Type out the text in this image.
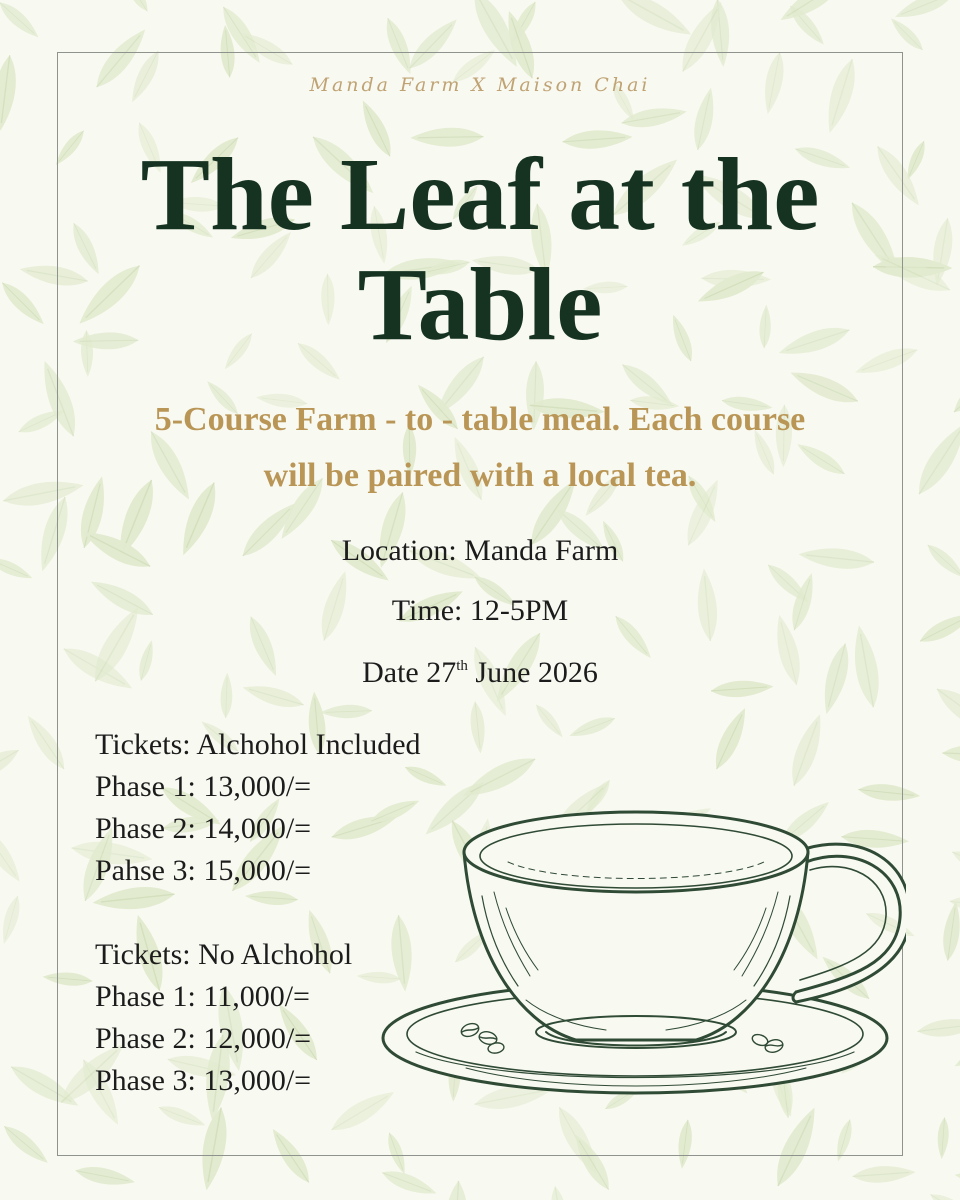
Manda Farm X Maison Chai
The Leaf at the
Table
5-Course Farm - to - table meal. Each course
will be paired with a local tea.
Location: Manda Farm
Time: 12-5PM
Date 27th June 2026
Tickets: Alchohol Included
Phase 1: 13,000/=
Phase 2: 14,000/=
Pahse 3: 15,000/=
Tickets: No Alchohol
Phase 1: 11,000/=
Phase 2: 12,000/=
Phase 3: 13,000/=
